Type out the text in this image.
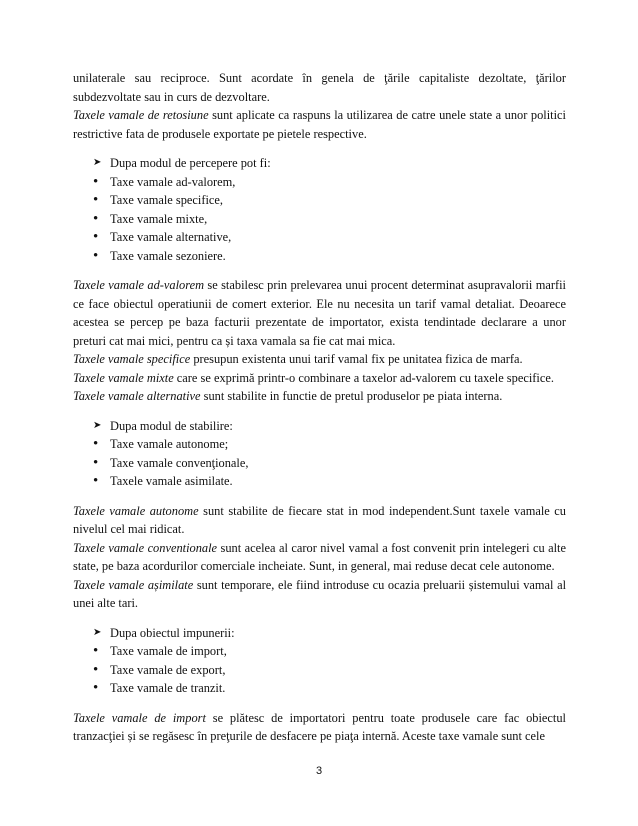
unilaterale sau reciproce. Sunt acordate în genela de ţările capitaliste dezoltate, ţărilor subdezvoltate sau in curs de dezvoltare.

Taxele vamale de retosiune sunt aplicate ca raspuns la utilizarea de catre unele state a unor politici restrictive fata de produsele exportate pe pietele respective.

➤ Dupa modul de percepere pot fi:
• Taxe vamale ad-valorem,
• Taxe vamale specifice,
• Taxe vamale mixte,
• Taxe vamale alternative,
• Taxe vamale sezoniere.

Taxele vamale ad-valorem se stabilesc prin prelevarea unui procent determinat asupravalorii marfii ce face obiectul operatiunii de comert exterior. Ele nu necesita un tarif vamal detaliat. Deoarece acestea se percep pe baza facturii prezentate de importator, exista tendintade declarare a unor preturi cat mai mici, pentru ca și taxa vamala sa fie cat mai mica.

Taxele vamale specifice presupun existenta unui tarif vamal fix pe unitatea fizica de marfa.

Taxele vamale mixte care se exprimă printr-o combinare a taxelor ad-valorem cu taxele specifice.

Taxele vamale alternative sunt stabilite in functie de pretul produselor pe piata interna.

➤ Dupa modul de stabilire:
• Taxe vamale autonome;
• Taxe vamale convenţionale,
• Taxele vamale asimilate.

Taxele vamale autonome sunt stabilite de fiecare stat in mod independent.Sunt taxele vamale cu nivelul cel mai ridicat.

Taxele vamale conventionale sunt acelea al caror nivel vamal a fost convenit prin intelegeri cu alte state, pe baza acordurilor comerciale incheiate. Sunt, in general, mai reduse decat cele autonome.

Taxele vamale așimilate sunt temporare, ele fiind introduse cu ocazia preluarii șistemului vamal al unei alte tari.

➤ Dupa obiectul impunerii:
• Taxe vamale de import,
• Taxe vamale de export,
• Taxe vamale de tranzit.

Taxele vamale de import se plătesc de importatori pentru toate produsele care fac obiectul tranzacţiei și se regăsesc în preţurile de desfacere pe piaţa internă. Aceste taxe vamale sunt cele

3
